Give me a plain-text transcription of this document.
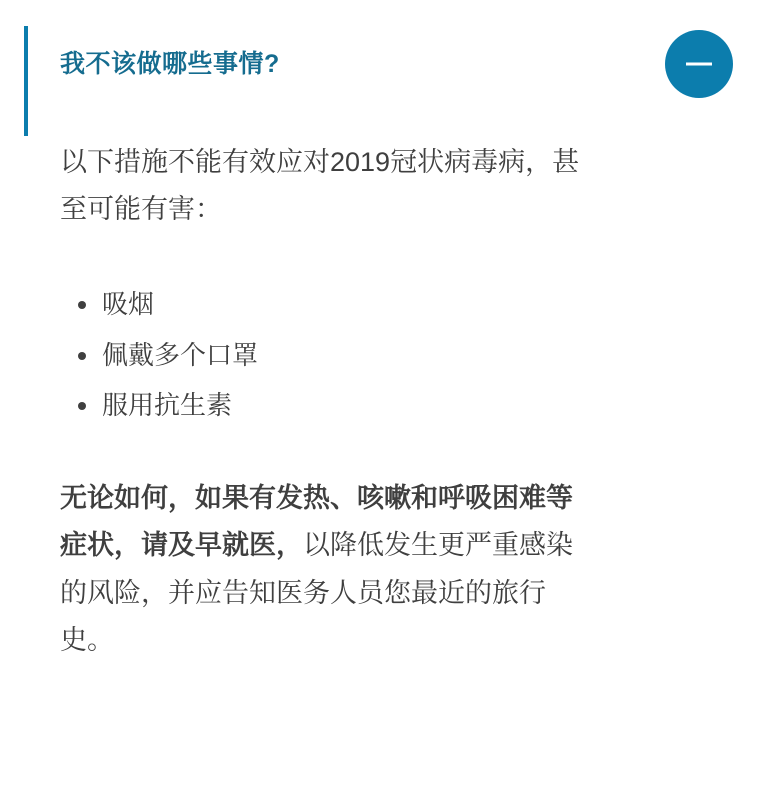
我不该做哪些事情?

以下措施不能有效应对2019冠状病毒病，甚至可能有害：

吸烟
佩戴多个口罩
服用抗生素

无论如何，如果有发热、咳嗽和呼吸困难等症状，请及早就医，以降低发生更严重感染的风险，并应告知医务人员您最近的旅行史。
